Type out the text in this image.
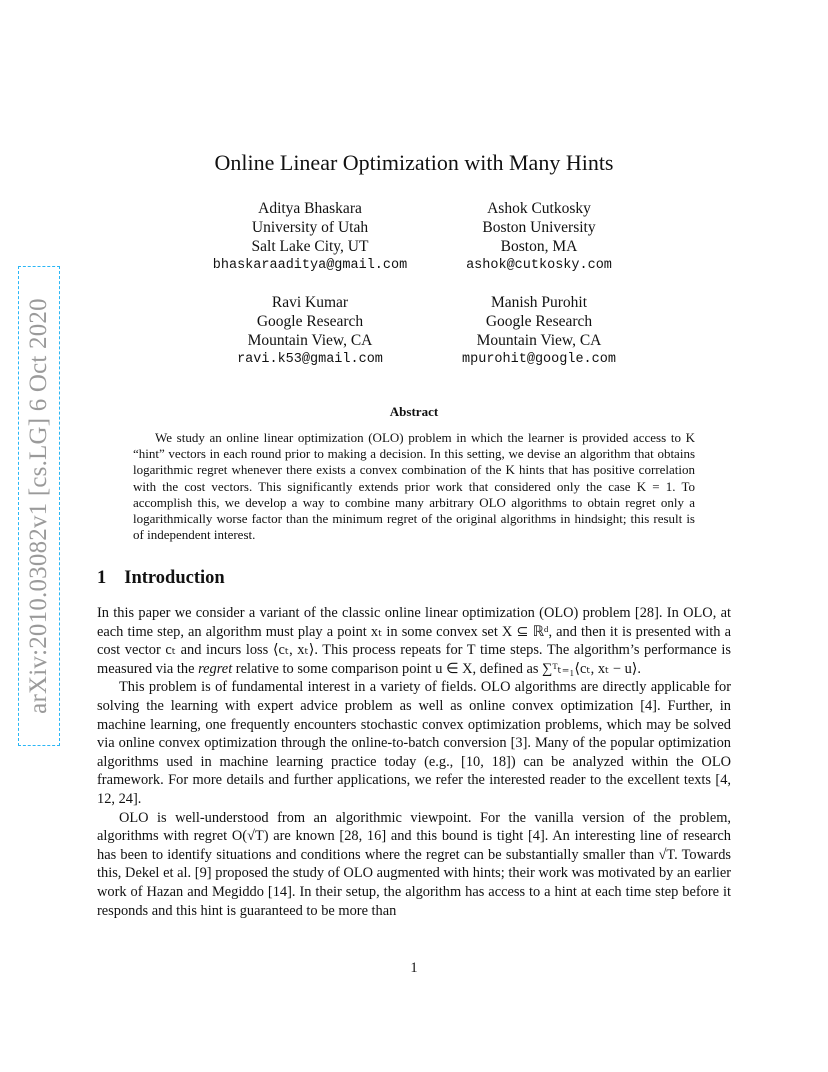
arXiv:2010.03082v1 [cs.LG] 6 Oct 2020
Online Linear Optimization with Many Hints
Aditya Bhaskara
University of Utah
Salt Lake City, UT
bhaskaraaditya@gmail.com
Ashok Cutkosky
Boston University
Boston, MA
ashok@cutkosky.com
Ravi Kumar
Google Research
Mountain View, CA
ravi.k53@gmail.com
Manish Purohit
Google Research
Mountain View, CA
mpurohit@google.com
Abstract

We study an online linear optimization (OLO) problem in which the learner is provided access to K “hint” vectors in each round prior to making a decision. In this setting, we devise an algorithm that obtains logarithmic regret whenever there exists a convex combination of the K hints that has positive correlation with the cost vectors. This significantly extends prior work that considered only the case K = 1. To accomplish this, we develop a way to combine many arbitrary OLO algorithms to obtain regret only a logarithmically worse factor than the minimum regret of the original algorithms in hindsight; this result is of independent interest.

1 Introduction

In this paper we consider a variant of the classic online linear optimization (OLO) problem [28]. In OLO, at each time step, an algorithm must play a point xₜ in some convex set X ⊆ ℝᵈ, and then it is presented with a cost vector cₜ and incurs loss ⟨cₜ, xₜ⟩. This process repeats for T time steps. The algorithm’s performance is measured via the regret relative to some comparison point u ∈ X, defined as ∑ᵀₜ₌₁⟨cₜ, xₜ − u⟩.

This problem is of fundamental interest in a variety of fields. OLO algorithms are directly applicable for solving the learning with expert advice problem as well as online convex optimization [4]. Further, in machine learning, one frequently encounters stochastic convex optimization problems, which may be solved via online convex optimization through the online-to-batch conversion [3]. Many of the popular optimization algorithms used in machine learning practice today (e.g., [10, 18]) can be analyzed within the OLO framework. For more details and further applications, we refer the interested reader to the excellent texts [4, 12, 24].

OLO is well-understood from an algorithmic viewpoint. For the vanilla version of the problem, algorithms with regret O(√T) are known [28, 16] and this bound is tight [4]. An interesting line of research has been to identify situations and conditions where the regret can be substantially smaller than √T. Towards this, Dekel et al. [9] proposed the study of OLO augmented with hints; their work was motivated by an earlier work of Hazan and Megiddo [14]. In their setup, the algorithm has access to a hint at each time step before it responds and this hint is guaranteed to be more than

1
